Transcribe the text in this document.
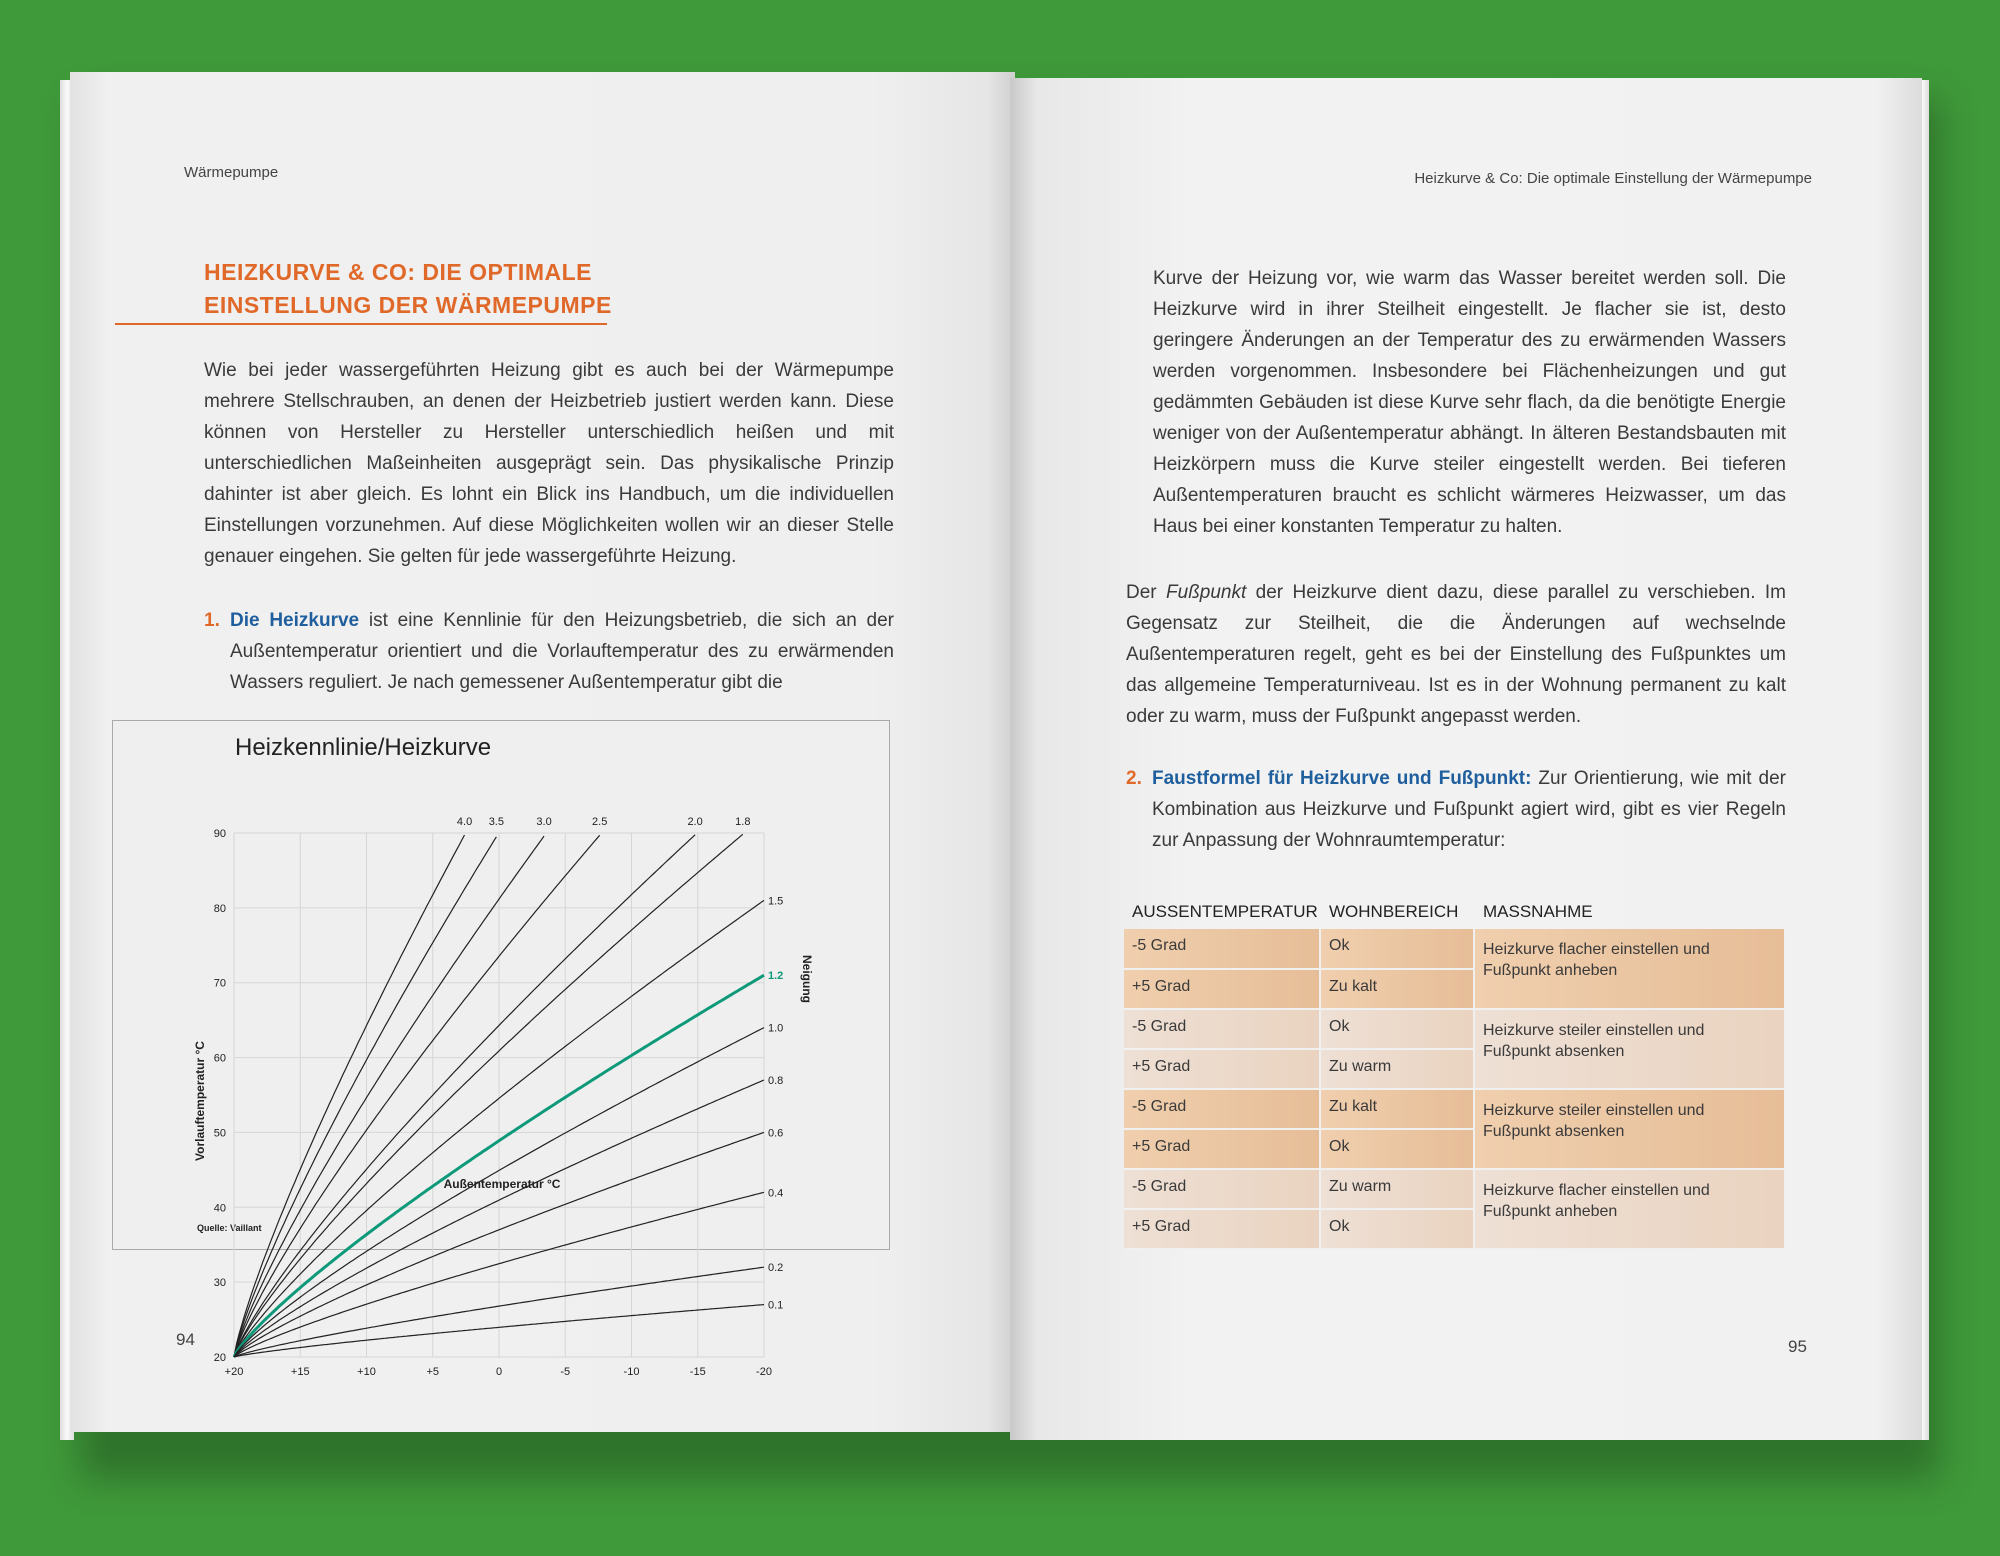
Wärmepumpe
HEIZKURVE & CO: DIE OPTIMALE
EINSTELLUNG DER WÄRMEPUMPE

Wie bei jeder wassergeführten Heizung gibt es auch bei der Wärmepumpe mehrere Stellschrauben, an denen der Heizbetrieb justiert werden kann. Diese können von Hersteller zu Hersteller unterschiedlich heißen und mit unterschiedlichen Maßeinheiten ausgeprägt sein. Das physikalische Prinzip dahinter ist aber gleich. Es lohnt ein Blick ins Handbuch, um die individuellen Einstellungen vorzunehmen. Auf diese Möglichkeiten wollen wir an dieser Stelle genauer eingehen. Sie gelten für jede wassergeführte Heizung.

1. Die Heizkurve ist eine Kennlinie für den Heizungsbetrieb, die sich an der Außentemperatur orientiert und die Vorlauftemperatur des zu erwärmenden Wassers reguliert. Je nach gemessener Außentemperatur gibt die
Heizkennlinie/Heizkurve
Außentemperatur °C
Vorlauftemperatur °C
Neigung
Quelle: Vaillant
+20	+15	+10	+5	0	-5	-10	-15	-20
20
30
40
50
60
70
80
90
4.0 3.5	3.0	2.5	2.0	1.8
1.5
1.2
1.0
0.8
0.6
0.4
0.2
0.1
94
Heizkurve & Co: Die optimale Einstellung der Wärmepumpe

Kurve der Heizung vor, wie warm das Wasser bereitet werden soll. Die Heizkurve wird in ihrer Steilheit eingestellt. Je flacher sie ist, desto geringere Änderungen an der Temperatur des zu erwärmenden Wassers werden vorgenommen. Insbesondere bei Flächenheizungen und gut gedämmten Gebäuden ist diese Kurve sehr flach, da die benötigte Energie weniger von der Außentemperatur abhängt. In älteren Bestandsbauten mit Heizkörpern muss die Kurve steiler eingestellt werden. Bei tieferen Außentemperaturen braucht es schlicht wärmeres Heizwasser, um das Haus bei einer konstanten Temperatur zu halten.

Der Fußpunkt der Heizkurve dient dazu, diese parallel zu verschieben. Im Gegensatz zur Steilheit, die die Änderungen auf wechselnde Außentemperaturen regelt, geht es bei der Einstellung des Fußpunktes um das allgemeine Temperaturniveau. Ist es in der Wohnung permanent zu kalt oder zu warm, muss der Fußpunkt angepasst werden.

2. Faustformel für Heizkurve und Fußpunkt: Zur Orientierung, wie mit der Kombination aus Heizkurve und Fußpunkt agiert wird, gibt es vier Regeln zur Anpassung der Wohnraumtemperatur:
AUSSENTEMPERATUR WOHNBEREICH MASSNAHME
-5 Grad	Ok	Heizkurve flacher einstellen und Fußpunkt anheben
+5 Grad	Zu kalt	
-5 Grad	Ok	Heizkurve steiler einstellen und Fußpunkt absenken
+5 Grad	Zu warm	
-5 Grad	Zu kalt	Heizkurve steiler einstellen und Fußpunkt absenken
+5 Grad	Ok	
-5 Grad	Zu warm	Heizkurve flacher einstellen und Fußpunkt anheben
+5 Grad	Ok	
95
